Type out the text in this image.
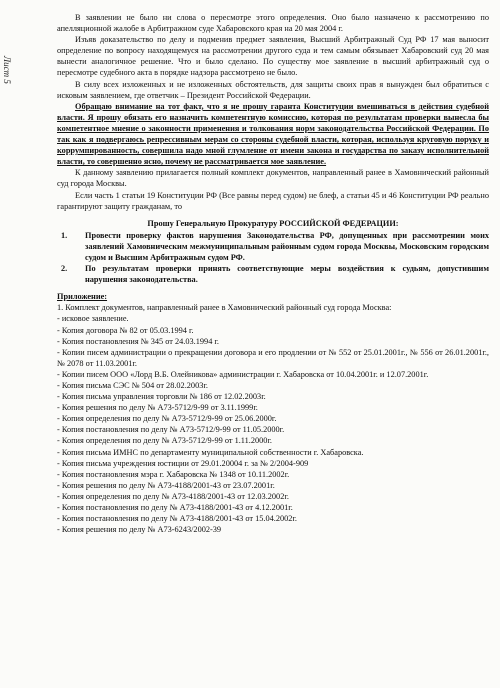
Лист 5

В заявлении не было ни слова о пересмотре этого определения. Оно было назначено к рассмотрению по апелляционной жалобе в Арбитражном суде Хабаровского края на 20 мая 2004 г.

Изъяв доказательство по делу и подменив предмет заявления, Высший Арбитражный Суд РФ 17 мая выносит определение по вопросу находящемуся на рассмотрении другого суда и тем самым обязывает Хабаровский суд 20 мая вынести аналогичное решение. Что и было сделано. По существу мое заявление в высший арбитражный суд о пересмотре судебного акта в порядке надзора рассмотрено не было.

В силу всех изложенных и не изложенных обстоятельств, для защиты своих прав я вынужден был обратиться с исковым заявлением, где ответчик – Президент Российской Федерации.

Обращаю внимание на тот факт, что я не прошу гаранта Конституции вмешиваться в действия судебной власти. Я прошу обязать его назначить компетентную комиссию, которая по результатам проверки вынесла бы компетентное мнение о законности применения и толкования норм законодательства Российской Федерации. По так как я подвергаюсь репрессивным мерам со стороны судебной власти, которая, используя круговую поруку и коррумпированность, совершила надо мной глумление от имени закона и государства по заказу исполнительной власти, то совершенно ясно, почему не рассматривается мое заявление.

К данному заявлению прилагается полный комплект документов, направленный ранее в Хамовнический районный суд города Москвы.

Если часть 1 статьи 19 Конституции РФ (Все равны перед судом) не блеф, а статьи 45 и 46 Конституции РФ реально гарантируют защиту гражданам, то

Прошу Генеральную Прокуратуру РОССИЙСКОЙ ФЕДЕРАЦИИ:

1.	Провести проверку фактов нарушения Законодательства РФ, допущенных при рассмотрении моих заявлений Хамовническим межмуниципальным районным судом города Москвы, Московским городским судом и Высшим Арбитражным судом РФ.
2.	По результатам проверки принять соответствующие меры воздействия к судьям, допустившим нарушения законодательства.

Приложение:

1. Комплект документов, направленный ранее в Хамовнический районный суд города Москва:

- исковое заявление.
- Копия договора № 82 от 05.03.1994 г.
- Копия постановления № 345 от 24.03.1994 г.
- Копии писем администрации о прекращении договора и его продлении от № 552 от 25.01.2001г., № 556 от 26.01.2001г., № 2078 от 11.03.2001г.
- Копии писем ООО «Лорд В.Б. Олейникова» администрации г. Хабаровска от 10.04.2001г. и 12.07.2001г.
- Копия письма СЭС № 504 от 28.02.2003г.
- Копия письма управления торговли № 186 от 12.02.2003г.
- Копия решения по делу № А73-5712/9-99 от 3.11.1999г.
- Копия определения по делу № А73-5712/9-99 от 25.06.2000г.
- Копия постановления по делу № А73-5712/9-99 от 11.05.2000г.
- Копия определения по делу № А73-5712/9-99 от 1.11.2000г.
- Копия письма ИМНС по департаменту муниципальной собственности г. Хабаровска.
- Копия письма учреждения юстиции от 29.01.20004 г. за № 2/2004-909
- Копия постановления мэра г. Хабаровска № 1348 от 10.11.2002г.
- Копия решения по делу № А73-4188/2001-43 от 23.07.2001г.
- Копия определения по делу № А73-4188/2001-43 от 12.03.2002г.
- Копия постановления по делу № А73-4188/2001-43 от 4.12.2001г.
- Копия постановления по делу № А73-4188/2001-43 от 15.04.2002г.
- Копия решения по делу № А73-6243/2002-39
